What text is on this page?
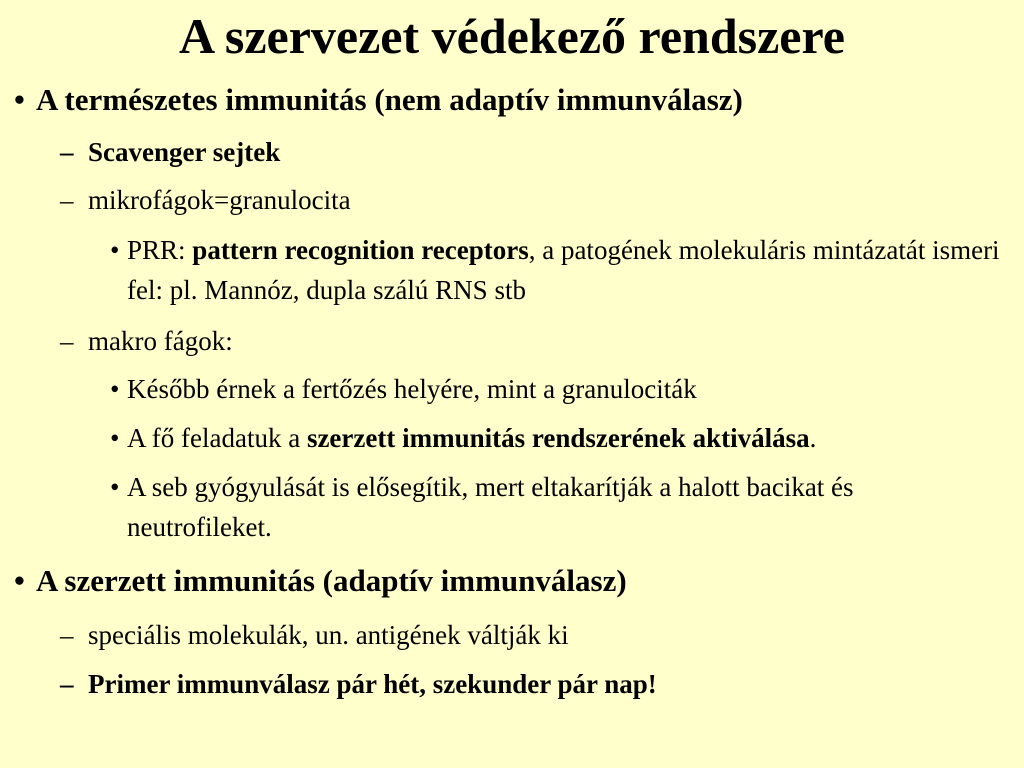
A szervezet védekező rendszere
• A természetes immunitás (nem adaptív immunválasz)
– Scavenger sejtek
– mikrofágok=granulocita
• PRR: pattern recognition receptors, a patogének molekuláris mintázatát ismeri fel: pl. Mannóz, dupla szálú RNS stb
– makro fágok:
• Később érnek a fertőzés helyére, mint a granulociták
• A fő feladatuk a szerzett immunitás rendszerének aktiválása.
• A seb gyógyulását is elősegítik, mert eltakarítják a halott bacikat és neutrofileket.
• A szerzett immunitás (adaptív immunválasz)
– speciális molekulák, un. antigének váltják ki
– Primer immunválasz pár hét, szekunder pár nap!
